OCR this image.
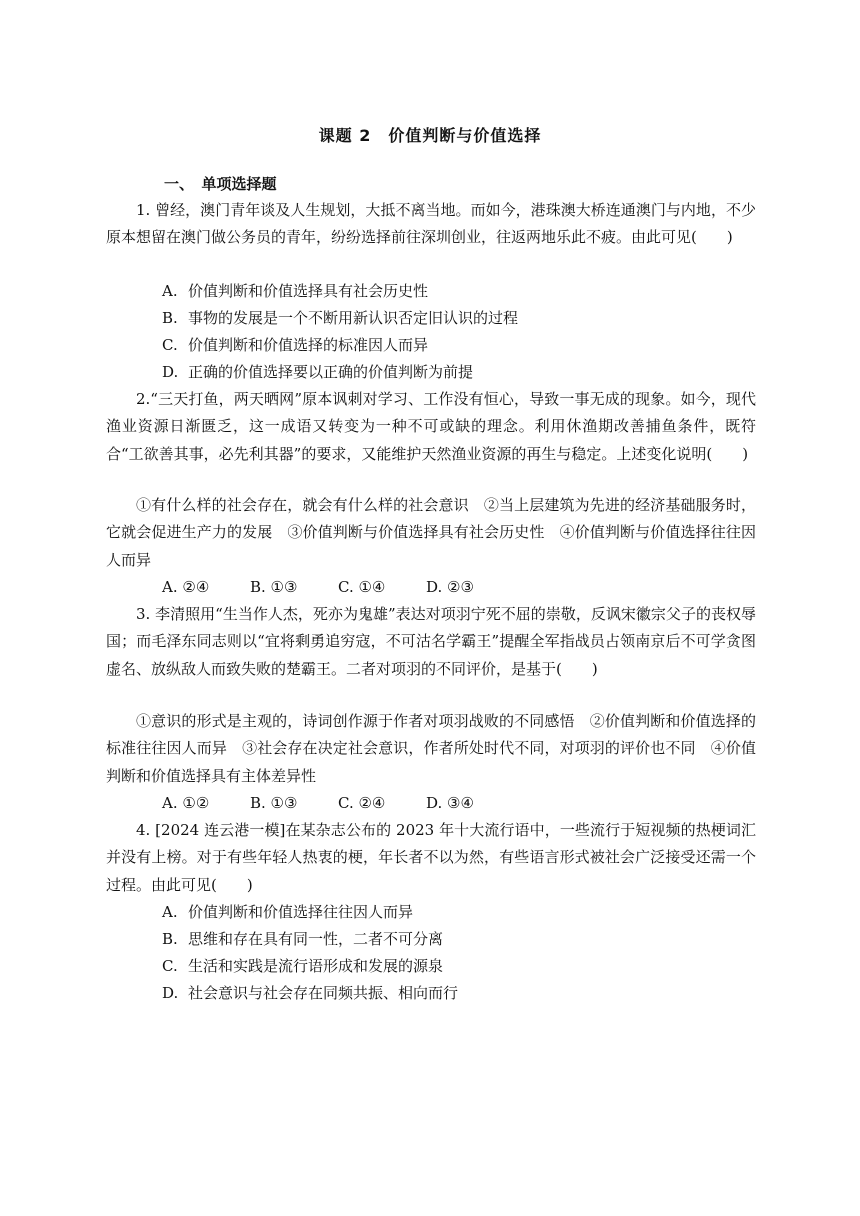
课题 2　价值判断与价值选择
一、　单项选择题

1. 曾经，澳门青年谈及人生规划，大抵不离当地。而如今，港珠澳大桥连通澳门与内地，不少原本想留在澳门做公务员的青年，纷纷选择前往深圳创业，往返两地乐此不疲。由此可见(　　)

A. 价值判断和价值选择具有社会历史性
B. 事物的发展是一个不断用新认识否定旧认识的过程
C. 价值判断和价值选择的标准因人而异
D. 正确的价值选择要以正确的价值判断为前提

2.“三天打鱼，两天晒网”原本讽刺对学习、工作没有恒心，导致一事无成的现象。如今，现代渔业资源日渐匮乏，这一成语又转变为一种不可或缺的理念。利用休渔期改善捕鱼条件，既符合“工欲善其事，必先利其器”的要求，又能维护天然渔业资源的再生与稳定。上述变化说明(　　)

①有什么样的社会存在，就会有什么样的社会意识　②当上层建筑为先进的经济基础服务时，它就会促进生产力的发展　③价值判断与价值选择具有社会历史性　④价值判断与价值选择往往因人而异

A. ②④	B. ①③	C. ①④	D. ②③

3. 李清照用“生当作人杰，死亦为鬼雄”表达对项羽宁死不屈的崇敬，反讽宋徽宗父子的丧权辱国；而毛泽东同志则以“宜将剩勇追穷寇，不可沽名学霸王”提醒全军指战员占领南京后不可学贪图虚名、放纵敌人而致失败的楚霸王。二者对项羽的不同评价，是基于(　　)

①意识的形式是主观的，诗词创作源于作者对项羽战败的不同感悟　②价值判断和价值选择的标准往往因人而异　③社会存在决定社会意识，作者所处时代不同，对项羽的评价也不同　④价值判断和价值选择具有主体差异性

A. ①②	B. ①③	C. ②④	D. ③④

4. [2024 连云港一模]在某杂志公布的 2023 年十大流行语中，一些流行于短视频的热梗词汇并没有上榜。对于有些年轻人热衷的梗，年长者不以为然，有些语言形式被社会广泛接受还需一个过程。由此可见(　　)

A. 价值判断和价值选择往往因人而异
B. 思维和存在具有同一性，二者不可分离
C. 生活和实践是流行语形成和发展的源泉
D. 社会意识与社会存在同频共振、相向而行
